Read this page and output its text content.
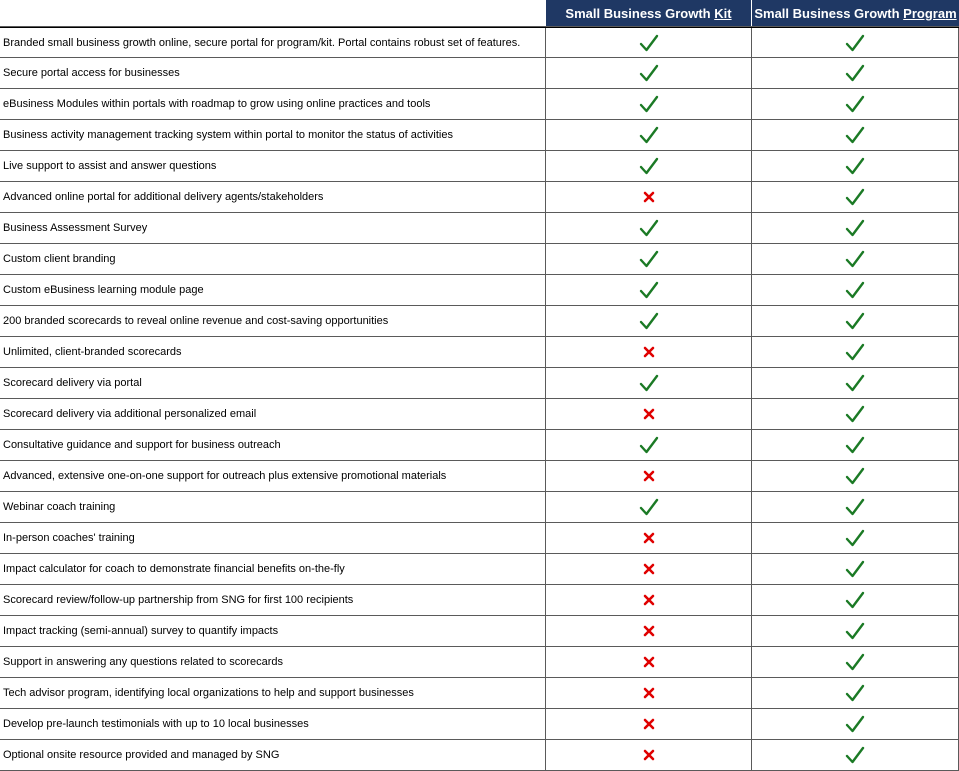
Small Business Growth Kit Small Business Growth Program
Branded small business growth online, secure portal for program/kit. Portal contains robust set of features.
Secure portal access for businesses
eBusiness Modules within portals with roadmap to grow using online practices and tools
Business activity management tracking system within portal to monitor the status of activities
Live support to assist and answer questions
Advanced online portal for additional delivery agents/stakeholders
Business Assessment Survey
Custom client branding
Custom eBusiness learning module page
200 branded scorecards to reveal online revenue and cost-saving opportunities
Unlimited, client-branded scorecards
Scorecard delivery via portal
Scorecard delivery via additional personalized email
Consultative guidance and support for business outreach
Advanced, extensive one-on-one support for outreach plus extensive promotional materials
Webinar coach training
In-person coaches' training
Impact calculator for coach to demonstrate financial benefits on-the-fly
Scorecard review/follow-up partnership from SNG for first 100 recipients
Impact tracking (semi-annual) survey to quantify impacts
Support in answering any questions related to scorecards
Tech advisor program, identifying local organizations to help and support businesses
Develop pre-launch testimonials with up to 10 local businesses
Optional onsite resource provided and managed by SNG
